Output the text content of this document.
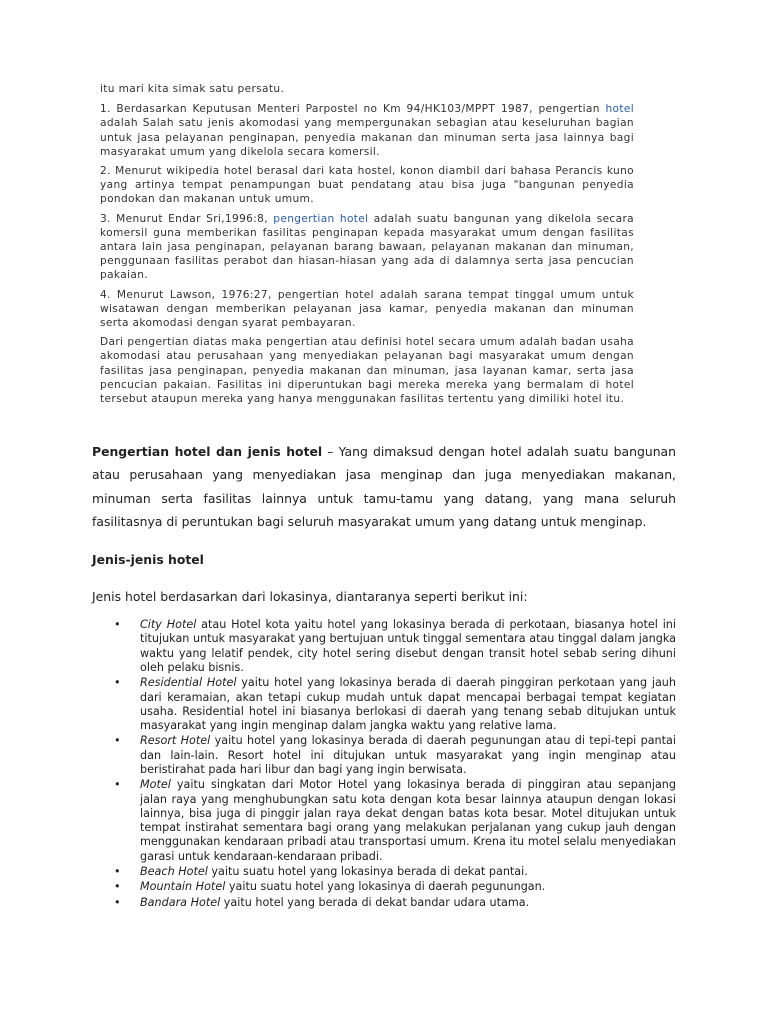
itu mari kita simak satu persatu.

1. Berdasarkan Keputusan Menteri Parpostel no Km 94/HK103/MPPT 1987, pengertian hotel adalah Salah satu jenis akomodasi yang mempergunakan sebagian atau keseluruhan bagian untuk jasa pelayanan penginapan, penyedia makanan dan minuman serta jasa lainnya bagi masyarakat umum yang dikelola secara komersil.

2. Menurut wikipedia hotel berasal dari kata hostel, konon diambil dari bahasa Perancis kuno yang artinya tempat penampungan buat pendatang atau bisa juga "bangunan penyedia pondokan dan makanan untuk umum.

3. Menurut Endar Sri,1996:8, pengertian hotel adalah suatu bangunan yang dikelola secara komersil guna memberikan fasilitas penginapan kepada masyarakat umum dengan fasilitas antara lain jasa penginapan, pelayanan barang bawaan, pelayanan makanan dan minuman, penggunaan fasilitas perabot dan hiasan-hiasan yang ada di dalamnya serta jasa pencucian pakaian.

4. Menurut Lawson, 1976:27, pengertian hotel adalah sarana tempat tinggal umum untuk wisatawan dengan memberikan pelayanan jasa kamar, penyedia makanan dan minuman serta akomodasi dengan syarat pembayaran.

Dari pengertian diatas maka pengertian atau definisi hotel secara umum adalah badan usaha akomodasi atau perusahaan yang menyediakan pelayanan bagi masyarakat umum dengan fasilitas jasa penginapan, penyedia makanan dan minuman, jasa layanan kamar, serta jasa pencucian pakaian. Fasilitas ini diperuntukan bagi mereka mereka yang bermalam di hotel tersebut ataupun mereka yang hanya menggunakan fasilitas tertentu yang dimiliki hotel itu.

Pengertian hotel dan jenis hotel – Yang dimaksud dengan hotel adalah suatu bangunan atau perusahaan yang menyediakan jasa menginap dan juga menyediakan makanan, minuman serta fasilitas lainnya untuk tamu-tamu yang datang, yang mana seluruh fasilitasnya di peruntukan bagi seluruh masyarakat umum yang datang untuk menginap.

Jenis-jenis hotel

Jenis hotel berdasarkan dari lokasinya, diantaranya seperti berikut ini:

• City Hotel atau Hotel kota yaitu hotel yang lokasinya berada di perkotaan, biasanya hotel ini titujukan untuk masyarakat yang bertujuan untuk tinggal sementara atau tinggal dalam jangka waktu yang lelatif pendek, city hotel sering disebut dengan transit hotel sebab sering dihuni oleh pelaku bisnis.
• Residential Hotel yaitu hotel yang lokasinya berada di daerah pinggiran perkotaan yang jauh dari keramaian, akan tetapi cukup mudah untuk dapat mencapai berbagai tempat kegiatan usaha. Residential hotel ini biasanya berlokasi di daerah yang tenang sebab ditujukan untuk masyarakat yang ingin menginap dalam jangka waktu yang relative lama.
• Resort Hotel yaitu hotel yang lokasinya berada di daerah pegunungan atau di tepi-tepi pantai dan lain-lain. Resort hotel ini ditujukan untuk masyarakat yang ingin menginap atau beristirahat pada hari libur dan bagi yang ingin berwisata.
• Motel yaitu singkatan dari Motor Hotel yang lokasinya berada di pinggiran atau sepanjang jalan raya yang menghubungkan satu kota dengan kota besar lainnya ataupun dengan lokasi lainnya, bisa juga di pinggir jalan raya dekat dengan batas kota besar. Motel ditujukan untuk tempat instirahat sementara bagi orang yang melakukan perjalanan yang cukup jauh dengan menggunakan kendaraan pribadi atau transportasi umum. Krena itu motel selalu menyediakan garasi untuk kendaraan-kendaraan pribadi.
• Beach Hotel yaitu suatu hotel yang lokasinya berada di dekat pantai.
• Mountain Hotel yaitu suatu hotel yang lokasinya di daerah pegunungan.
• Bandara Hotel yaitu hotel yang berada di dekat bandar udara utama.
